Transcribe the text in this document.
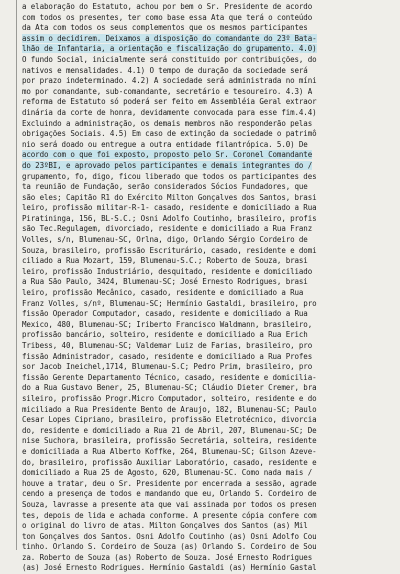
a elaboração do Estatuto, achou por bem o Sr. Presidente de acordo
com todos os presentes, ter como base essa Ata que terá o conteúdo
da Ata com todos os seus complementos que os mesmos participantes
assim o decidirem. Deixamos a disposição do comandante do 23º Bata-
lhão de Infantaria, a orientação e fiscalização do grupamento. 4.0)
O fundo Social, inicialmente será constituido por contribuições, do
nativos e mensalidades. 4.1) O tempo de duração da sociedade será
por prazo indeterminado. 4.2) A sociedade será administrada no míni
mo por comandante, sub-comandante, secretário e tesoureiro. 4.3) A
reforma de Estatuto só poderá ser feito em Assembléia Geral extraor
dinária da corte de honra, devidamente convocada para esse fim.4.4)
Excluindo a administração, os demais membros não responderão pelas
obrigações Sociais. 4.5) Em caso de extinção da sociedade o patrimô
nio será doado ou entregue a outra entidade filantrópica. 5.0) De
acordo com o que foi exposto, proposto pelo Sr. Coronel Comandante
do 23ºBI, e aprovado pelos participantes e demais integrantes do /
grupamento, fo, digo, ficou liberado que todos os participantes des
ta reunião de Fundação, serão considerados Sócios Fundadores, que
são eles; Capitão R1 do Exército Milton Gonçalves dos Santos, brasi
leiro, profissão militar-R-1- casado, residente e domiciliado a Rua
Piratininga, 156, BL-S.C.; Osni Adolfo Coutinho, brasileiro, profis
são Tec.Regulagem, divorciado, residente e domiciliado a Rua Franz
Volles, s/n, Blumenau-SC, Orlna, digo, Orlando Sérgio Cordeiro de
Souza, brasileiro, profissão Escriturário, casado, residente e domi
ciliado a Rua Mozart, 159, Blumenau-S.C.; Roberto de Souza, brasi
leiro, profissão Industriário, desquitado, residente e domiciliado
a Rua São Paulo, 3424, Blumenau-SC; José Ernesto Rodrigues, brasi
leiro, profissão Mecânico, casado, residente e domiciliado a Rua
Franz Volles, s/nº, Blumenau-SC; Hermínio Gastaldi, brasileiro, pro
fissão Operador Computador, casado, residente e domiciliado a Rua
Mexico, 480, Blumenau-SC; Iriberto Francisco Waldmann, brasileiro,
profissão bancário, solteiro, residente e domiciliado a Rua Erich
Tribess, 40, Blumenau-SC; Valdemar Luiz de Farias, brasileiro, pro
fissão Administrador, casado, residente e domiciliado a Rua Profes
sor Jacob Ineichel,1714, Blumenau-S.C; Pedro Prim, brasileiro, pro
fissão Gerente Departamento Técnico, casado, residente e domicilia-
do a Rua Gustavo Bener, 25, Blumenau-SC; Cláudio Dieter Cremer, bra
sileiro, profissão Progr.Micro Computador, solteiro, residente e do
miciliado a Rua Presidente Bento de Araujo, 182, Blumenau-SC; Paulo
Cesar Lopes Cipriano, brasileiro, profissão Eletrotécnico, divorcia
do, residente e domiciliado a Rua 21 de Abril, 207, Blumenau-SC; De
nise Suchora, brasileira, profissão Secretária, solteira, residente
e domiciliada a Rua Alberto Koffke, 264, Blumenau-SC; Gilson Azeve-
do, brasileiro, profissão Auxiliar Laboratório, casado, residente e
domiciliado a Rua 25 de Agosto, 620, Blumenau-SC. Como nada mais /
houve a tratar, deu o Sr. Presidente por encerrada a sessão, agrade
cendo a presença de todos e mandando que eu, Orlando S. Cordeiro de
Souza, lavrasse a presente ata que vai assinada por todos os presen
tes, depois de lida e achada conforme. A presente cópia confere com
o original do livro de atas. Milton Gonçalves dos Santos (as) Mil
ton Gonçalves dos Santos. Osni Adolfo Coutinho (as) Osni Adolfo Cou
tinho. Orlando S. Cordeiro de Souza (as) Orlando S. Cordeiro de Sou
za. Roberto de Souza (as) Roberto de Souza. José Ernesto Rodrigues
(as) José Ernesto Rodrigues. Hermínio Gastaldi (as) Hermínio Gastal
